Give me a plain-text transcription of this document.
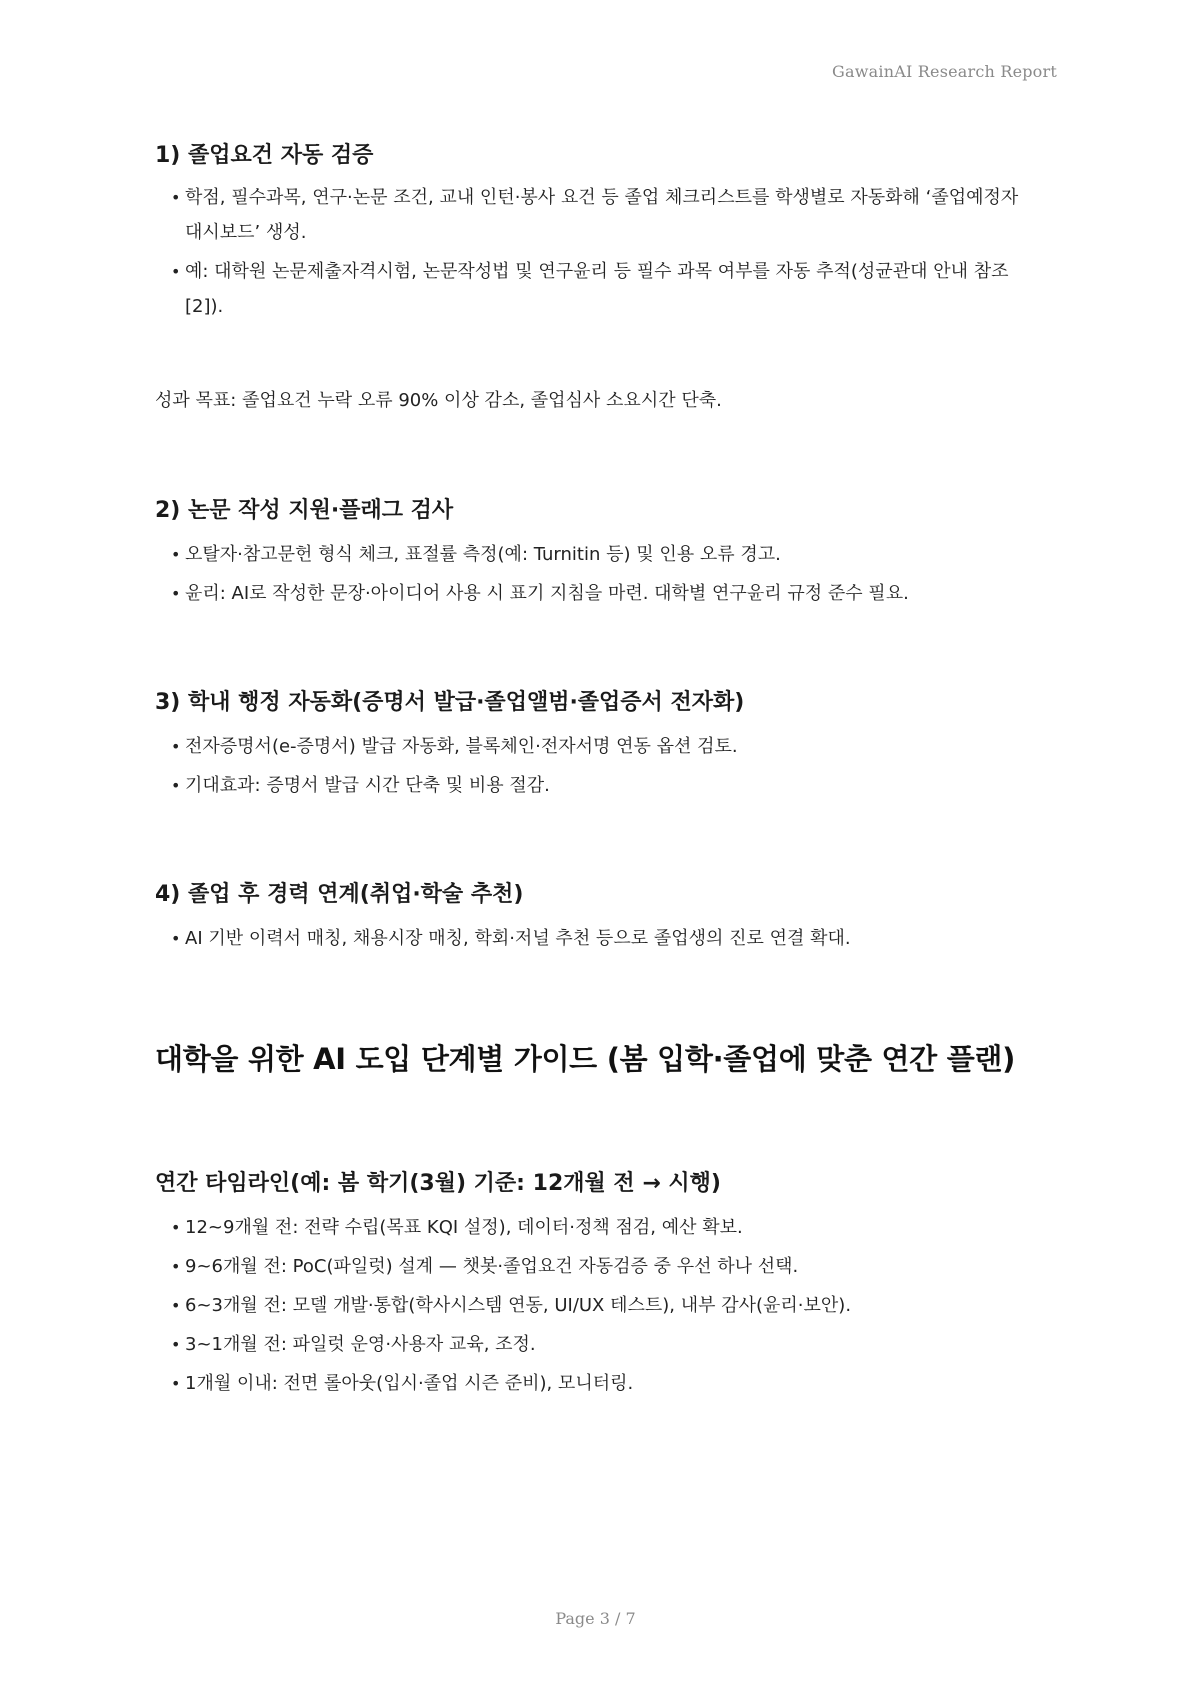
GawainAI Research Report
1) 졸업요건 자동 검증
• 학점, 필수과목, 연구·논문 조건, 교내 인턴·봉사 요건 등 졸업 체크리스트를 학생별로 자동화해 ‘졸업예정자 대시보드’ 생성.
• 예: 대학원 논문제출자격시험, 논문작성법 및 연구윤리 등 필수 과목 여부를 자동 추적(성균관대 안내 참조 [2]).
성과 목표: 졸업요건 누락 오류 90% 이상 감소, 졸업심사 소요시간 단축.
2) 논문 작성 지원·플래그 검사
• 오탈자·참고문헌 형식 체크, 표절률 측정(예: Turnitin 등) 및 인용 오류 경고.
• 윤리: AI로 작성한 문장·아이디어 사용 시 표기 지침을 마련. 대학별 연구윤리 규정 준수 필요.
3) 학내 행정 자동화(증명서 발급·졸업앨범·졸업증서 전자화)
• 전자증명서(e-증명서) 발급 자동화, 블록체인·전자서명 연동 옵션 검토.
• 기대효과: 증명서 발급 시간 단축 및 비용 절감.
4) 졸업 후 경력 연계(취업·학술 추천)
• AI 기반 이력서 매칭, 채용시장 매칭, 학회·저널 추천 등으로 졸업생의 진로 연결 확대.
대학을 위한 AI 도입 단계별 가이드 (봄 입학·졸업에 맞춘 연간 플랜)
연간 타임라인(예: 봄 학기(3월) 기준: 12개월 전 → 시행)
• 12~9개월 전: 전략 수립(목표 KQI 설정), 데이터·정책 점검, 예산 확보.
• 9~6개월 전: PoC(파일럿) 설계 — 챗봇·졸업요건 자동검증 중 우선 하나 선택.
• 6~3개월 전: 모델 개발·통합(학사시스템 연동, UI/UX 테스트), 내부 감사(윤리·보안).
• 3~1개월 전: 파일럿 운영·사용자 교육, 조정.
• 1개월 이내: 전면 롤아웃(입시·졸업 시즌 준비), 모니터링.
Page 3 / 7
